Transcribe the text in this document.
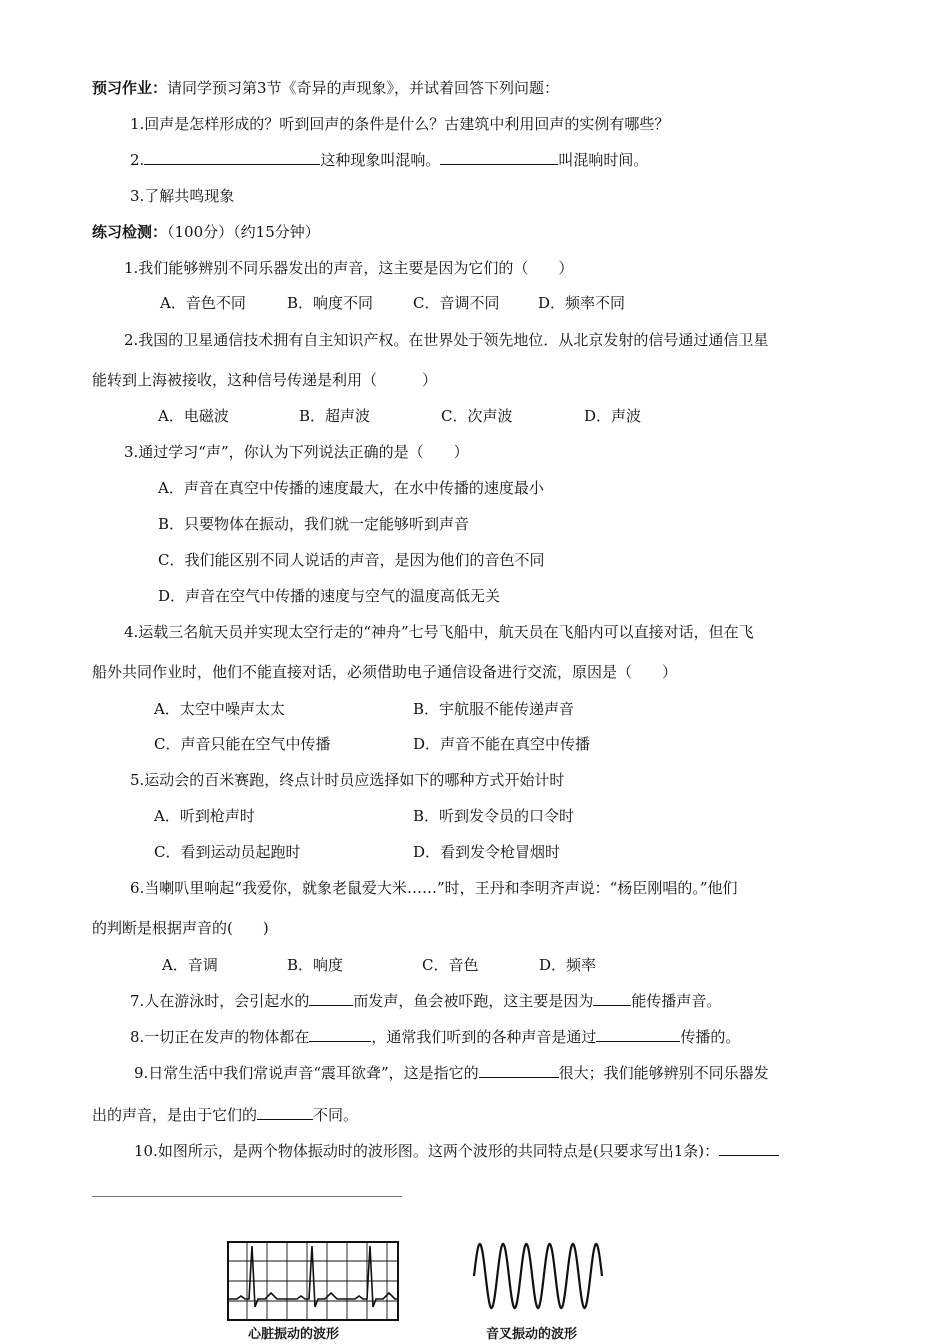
预习作业：请同学预习第3节《奇异的声现象》，并试着回答下列问题：
1.回声是怎样形成的？听到回声的条件是什么？古建筑中利用回声的实例有哪些？
2.	这种现象叫混响。	叫混响时间。
3.了解共鸣现象
练习检测：（100分）（约15分钟）
1.我们能够辨别不同乐器发出的声音，这主要是因为它们的（　　）
A．音色不同	B．响度不同	C．音调不同	D．频率不同
2.我国的卫星通信技术拥有自主知识产权。在世界处于领先地位．从北京发射的信号通过通信卫星
能转到上海被接收，这种信号传递是利用（　　　）
A．电磁波	B．超声波	C．次声波	D．声波
3.通过学习“声”，你认为下列说法正确的是（　　）
A．声音在真空中传播的速度最大，在水中传播的速度最小
B．只要物体在振动，我们就一定能够听到声音
C．我们能区别不同人说话的声音，是因为他们的音色不同
D．声音在空气中传播的速度与空气的温度高低无关
4.运载三名航天员并实现太空行走的“神舟”七号飞船中，航天员在飞船内可以直接对话，但在飞
船外共同作业时，他们不能直接对话，必须借助电子通信设备进行交流，原因是（　　）
A．太空中噪声太太	B．宇航服不能传递声音
C．声音只能在空气中传播	D．声音不能在真空中传播
5.运动会的百米赛跑，终点计时员应选择如下的哪种方式开始计时
A．听到枪声时	B．听到发令员的口令时
C．看到运动员起跑时	D．看到发令枪冒烟时
6.当喇叭里响起“我爱你，就象老鼠爱大米……”时，王丹和李明齐声说：“杨臣刚唱的。”他们
的判断是根据声音的(　　)
A．音调	B．响度	C．音色	D．频率
7.人在游泳时，会引起水的	而发声，鱼会被吓跑，这主要是因为	能传播声音。
8.一切正在发声的物体都在	，通常我们听到的各种声音是通过	传播的。
9.日常生活中我们常说声音“震耳欲聋”，这是指它的	很大；我们能够辨别不同乐器发
出的声音，是由于它们的	不同。
10.如图所示，是两个物体振动时的波形图。这两个波形的共同特点是(只要求写出1条)：
心脏振动的波形	音叉振动的波形
